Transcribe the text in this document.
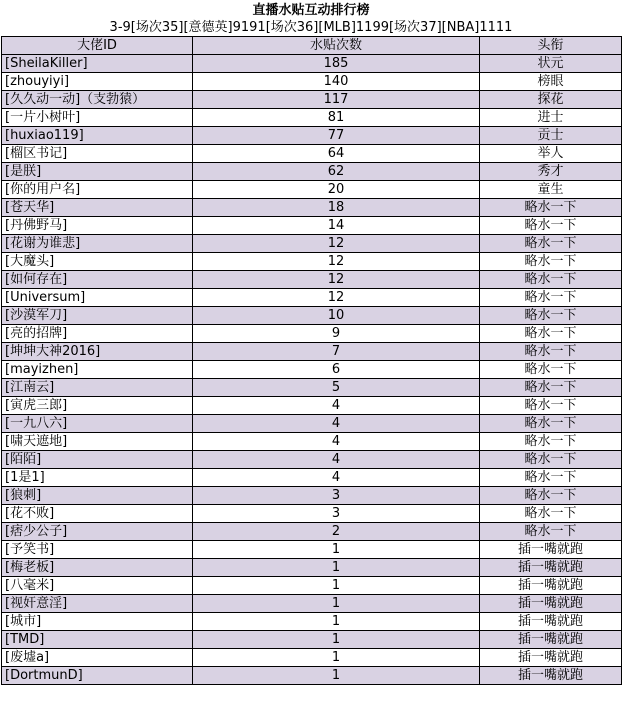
直播水贴互动排行榜
3-9[场次35][意德英]9191[场次36][MLB]1199[场次37][NBA]1111
大佬ID	水贴次数	头衔
[SheilaKiller]	185	状元
[zhouyiyi]	140	榜眼
[久久动一动]（支勃猿）	117	探花
[一片小树叶]	81	进士
[huxiao119]	77	贡士
[榴区书记]	64	举人
[是朕]	62	秀才
[你的用户名]	20	童生
[苍天华]	18	略水一下
[丹佛野马]	14	略水一下
[花谢为谁悲]	12	略水一下
[大魔头]	12	略水一下
[如何存在]	12	略水一下
[Universum]	12	略水一下
[沙漠军刀]	10	略水一下
[亮的招牌]	9	略水一下
[坤坤大神2016]	7	略水一下
[mayizhen]	6	略水一下
[江南云]	5	略水一下
[寅虎三郎]	4	略水一下
[一九八六]	4	略水一下
[啸天遮地]	4	略水一下
[陌陌]	4	略水一下
[1是1]	4	略水一下
[狼刺]	3	略水一下
[花不败]	3	略水一下
[痞少公子]	2	略水一下
[予笑书]	1	插一嘴就跑
[梅老板]	1	插一嘴就跑
[八毫米]	1	插一嘴就跑
[视奸意淫]	1	插一嘴就跑
[城市]	1	插一嘴就跑
[TMD]	1	插一嘴就跑
[废墟a]	1	插一嘴就跑
[DortmunD]	1	插一嘴就跑
